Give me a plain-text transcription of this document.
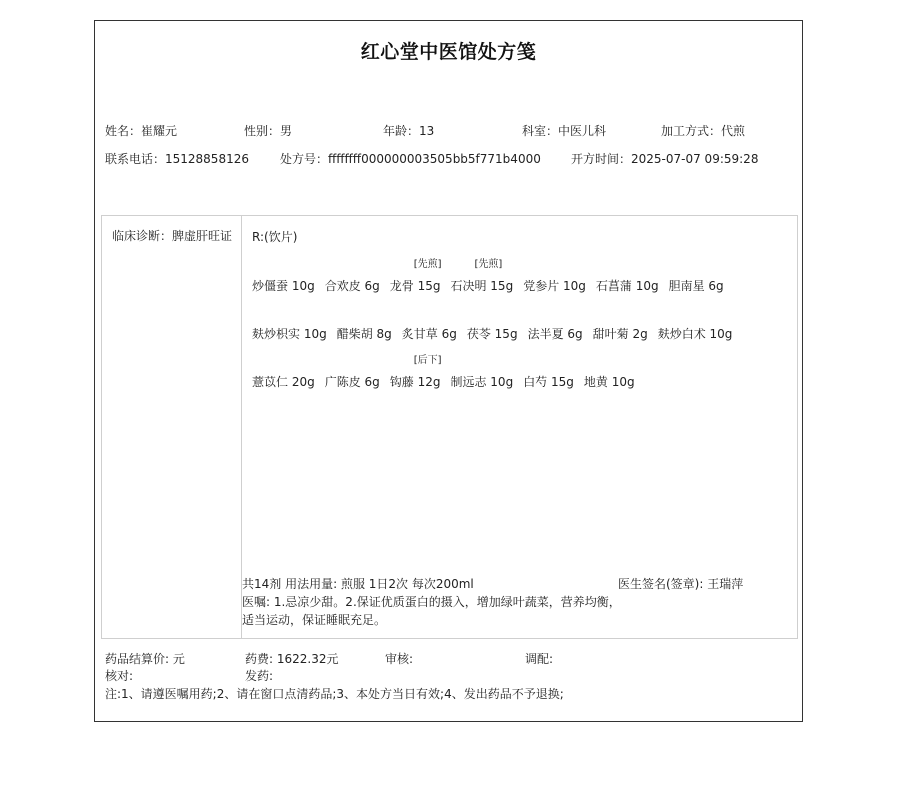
红心堂中医馆处方笺
姓名：崔耀元	性别：男	年龄：13	科室：中医儿科	加工方式：代煎
联系电话：15128858126	处方号：ffffffff000000003505bb5f771b4000	开方时间：2025-07-07 09:59:28
临床诊断：脾虚肝旺证	R:(饮片)
炒僵蚕 10g 合欢皮 6g
[先煎]
龙骨 15g
[先煎]
石决明 15g 党参片 10g 石菖蒲 10g 胆南星 6g
麸炒枳实 10g 醋柴胡 8g 炙甘草 6g 茯苓 15g 法半夏 6g 甜叶菊 2g 麸炒白术 10g
薏苡仁 20g 广陈皮 6g
[后下]
钩藤 12g 制远志 10g 白芍 15g 地黄 10g
共14剂 用法用量: 煎服 1日2次 每次200ml	医生签名(签章): 王瑞萍
医嘱: 1.忌凉少甜。2.保证优质蛋白的摄入，增加绿叶蔬菜，营养均衡，适当运动，保证睡眠充足。
药品结算价: 元	药费: 1622.32元	审核:	调配:
核对:	发药:
注:1、请遵医嘱用药;2、请在窗口点清药品;3、本处方当日有效;4、发出药品不予退换;
